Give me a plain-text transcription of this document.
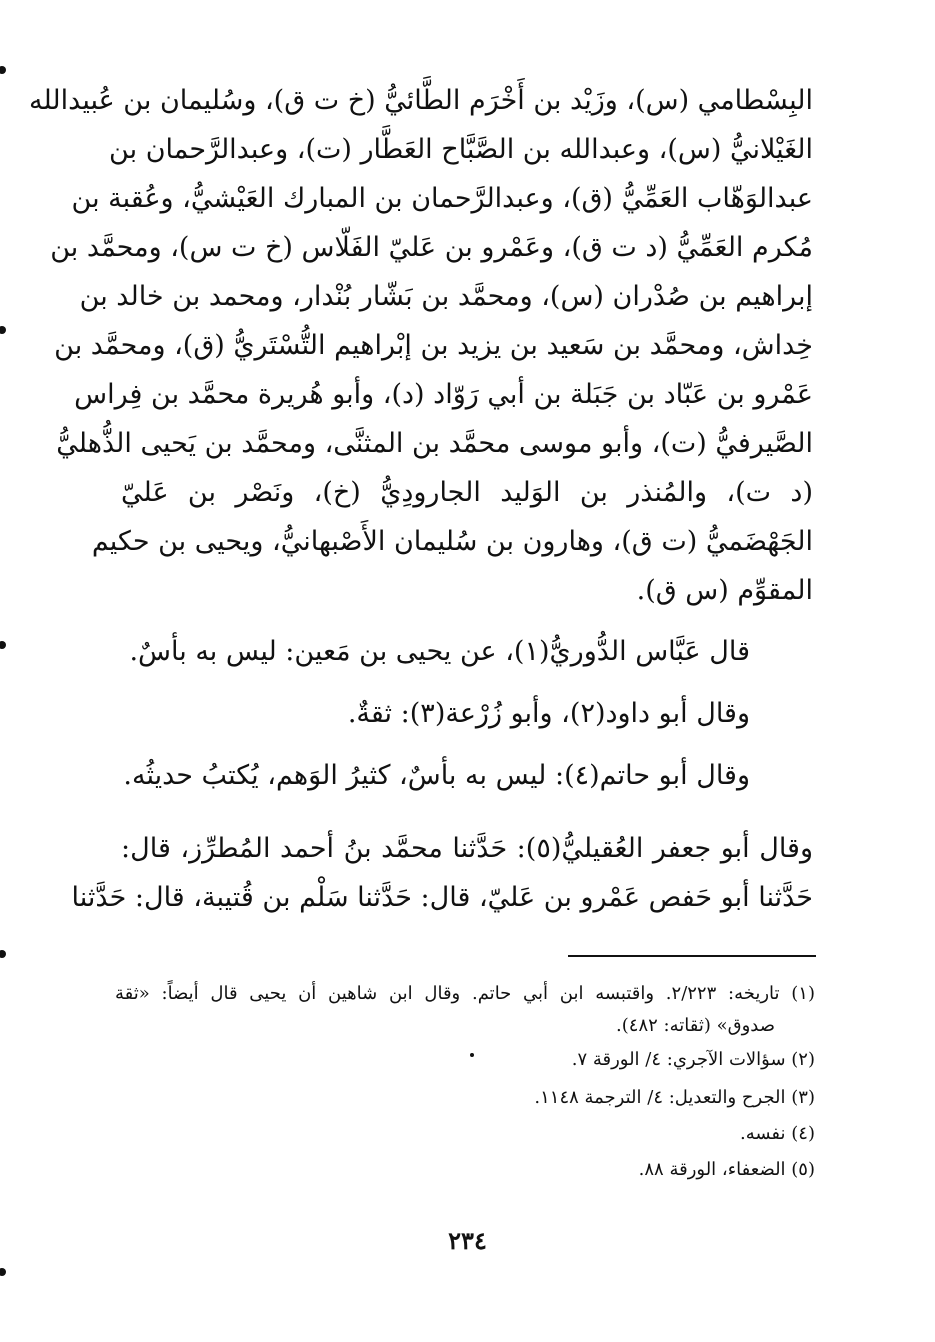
البِسْطامي (س)، وزَيْد بن أَخْرَم الطَّائيُّ (خ ت ق)، وسُليمان بن عُبيدالله
الغَيْلانيُّ (س)، وعبدالله بن الصَّبَّاح العَطَّار (ت)، وعبدالرَّحمان بن
عبدالوَهّاب العَمِّيُّ (ق)، وعبدالرَّحمان بن المبارك العَيْشيُّ، وعُقبة بن
مُكرم العَمِّيُّ (د ت ق)، وعَمْرو بن عَليّ الفَلّاس (خ ت س)، ومحمَّد بن
إبراهيم بن صُدْران (س)، ومحمَّد بن بَشّار بُنْدار، ومحمد بن خالد بن
خِداش، ومحمَّد بن سَعيد بن يزيد بن إبْراهيم التُّسْتَريُّ (ق)، ومحمَّد بن
عَمْرو بن عَبّاد بن جَبَلة بن أبي رَوّاد (د)، وأبو هُريرة محمَّد بن فِراس
الصَّيرفيُّ (ت)، وأبو موسى محمَّد بن المثنَّى، ومحمَّد بن يَحيى الذُّهليُّ
(د ت)، والمُنذر بن الوَليد الجارودِيُّ (خ)، ونَصْر بن عَليّ
الجَهْضَميُّ (ت ق)، وهارون بن سُليمان الأَصْبهانيُّ، ويحيى بن حكيم
المقوِّم (س ق).
قال عَبَّاس الدُّوريُّ(١)، عن يحيى بن مَعين: ليس به بأسٌ.
وقال أبو داود(٢)، وأبو زُرْعة(٣): ثقةٌ.
وقال أبو حاتم(٤): ليس به بأسٌ، كثيرُ الوَهم، يُكتبُ حديثُه.
وقال أبو جعفر العُقيليُّ(٥): حَدَّثنا محمَّد بنُ أحمد المُطرِّز، قال:
حَدَّثنا أبو حَفص عَمْرو بن عَليّ، قال: حَدَّثنا سَلْم بن قُتيبة، قال: حَدَّثنا
(١) تاريخه: ٢/٢٢٣. واقتبسه ابن أبي حاتم. وقال ابن شاهين أن يحيى قال أيضاً: «ثقة
صدوق» (ثقاته: ٤٨٢).
(٢) سؤالات الآجري: ٤/ الورقة ٧.
(٣) الجرح والتعديل: ٤/ الترجمة ١١٤٨.
(٤) نفسه.
(٥) الضعفاء، الورقة ٨٨.
٢٣٤
